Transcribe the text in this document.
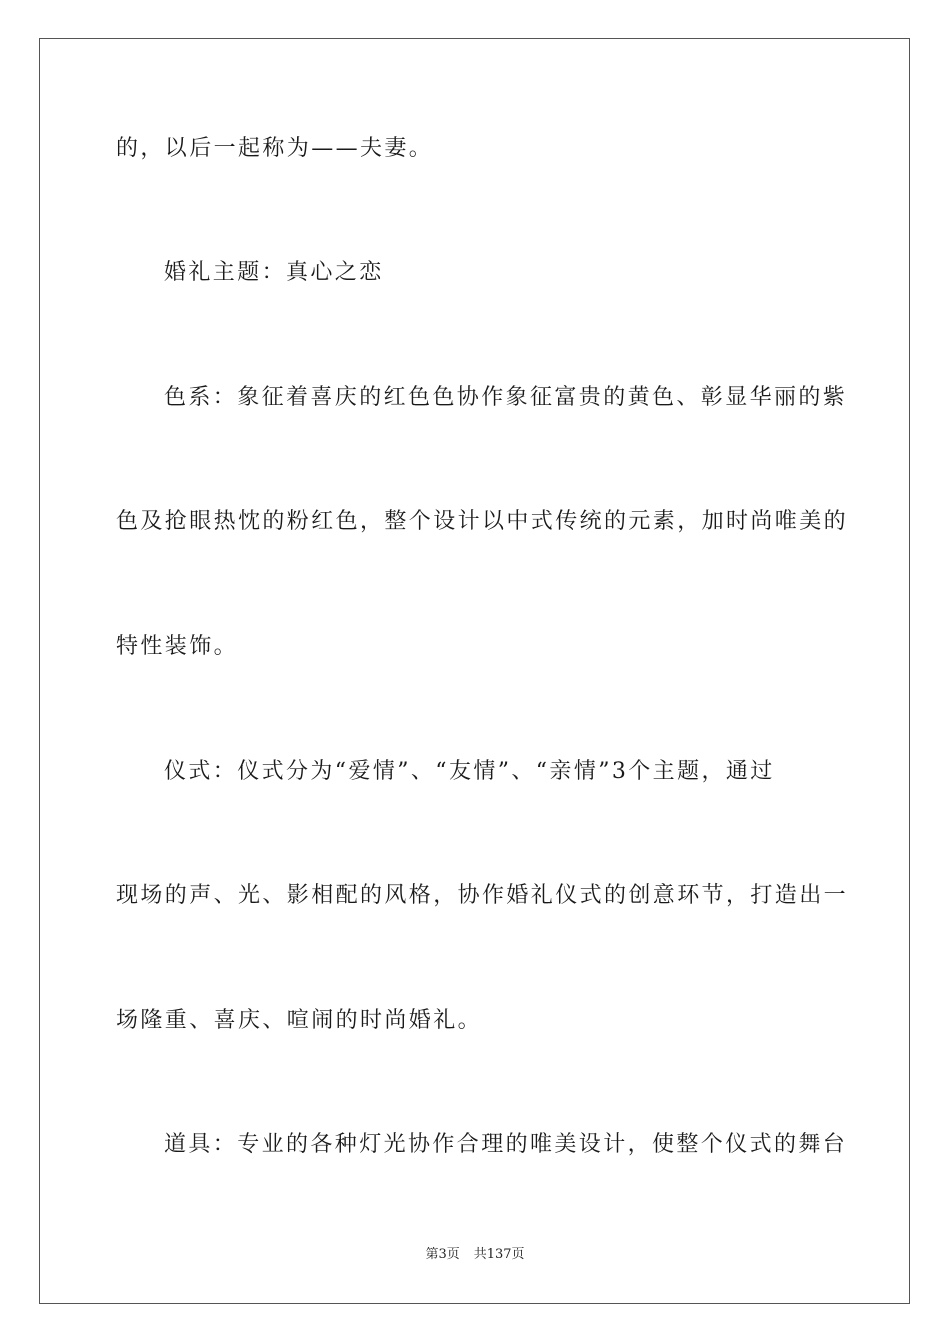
的，以后一起称为——夫妻。
婚礼主题：真心之恋
色系：象征着喜庆的红色色协作象征富贵的黄色、彰显华丽的紫
色及抢眼热忱的粉红色，整个设计以中式传统的元素，加时尚唯美的
特性装饰。
仪式：仪式分为“爱情”、“友情”、“亲情”3个主题，通过
现场的声、光、影相配的风格，协作婚礼仪式的创意环节，打造出一
场隆重、喜庆、喧闹的时尚婚礼。
道具：专业的各种灯光协作合理的唯美设计，使整个仪式的舞台
第3页 共137页
